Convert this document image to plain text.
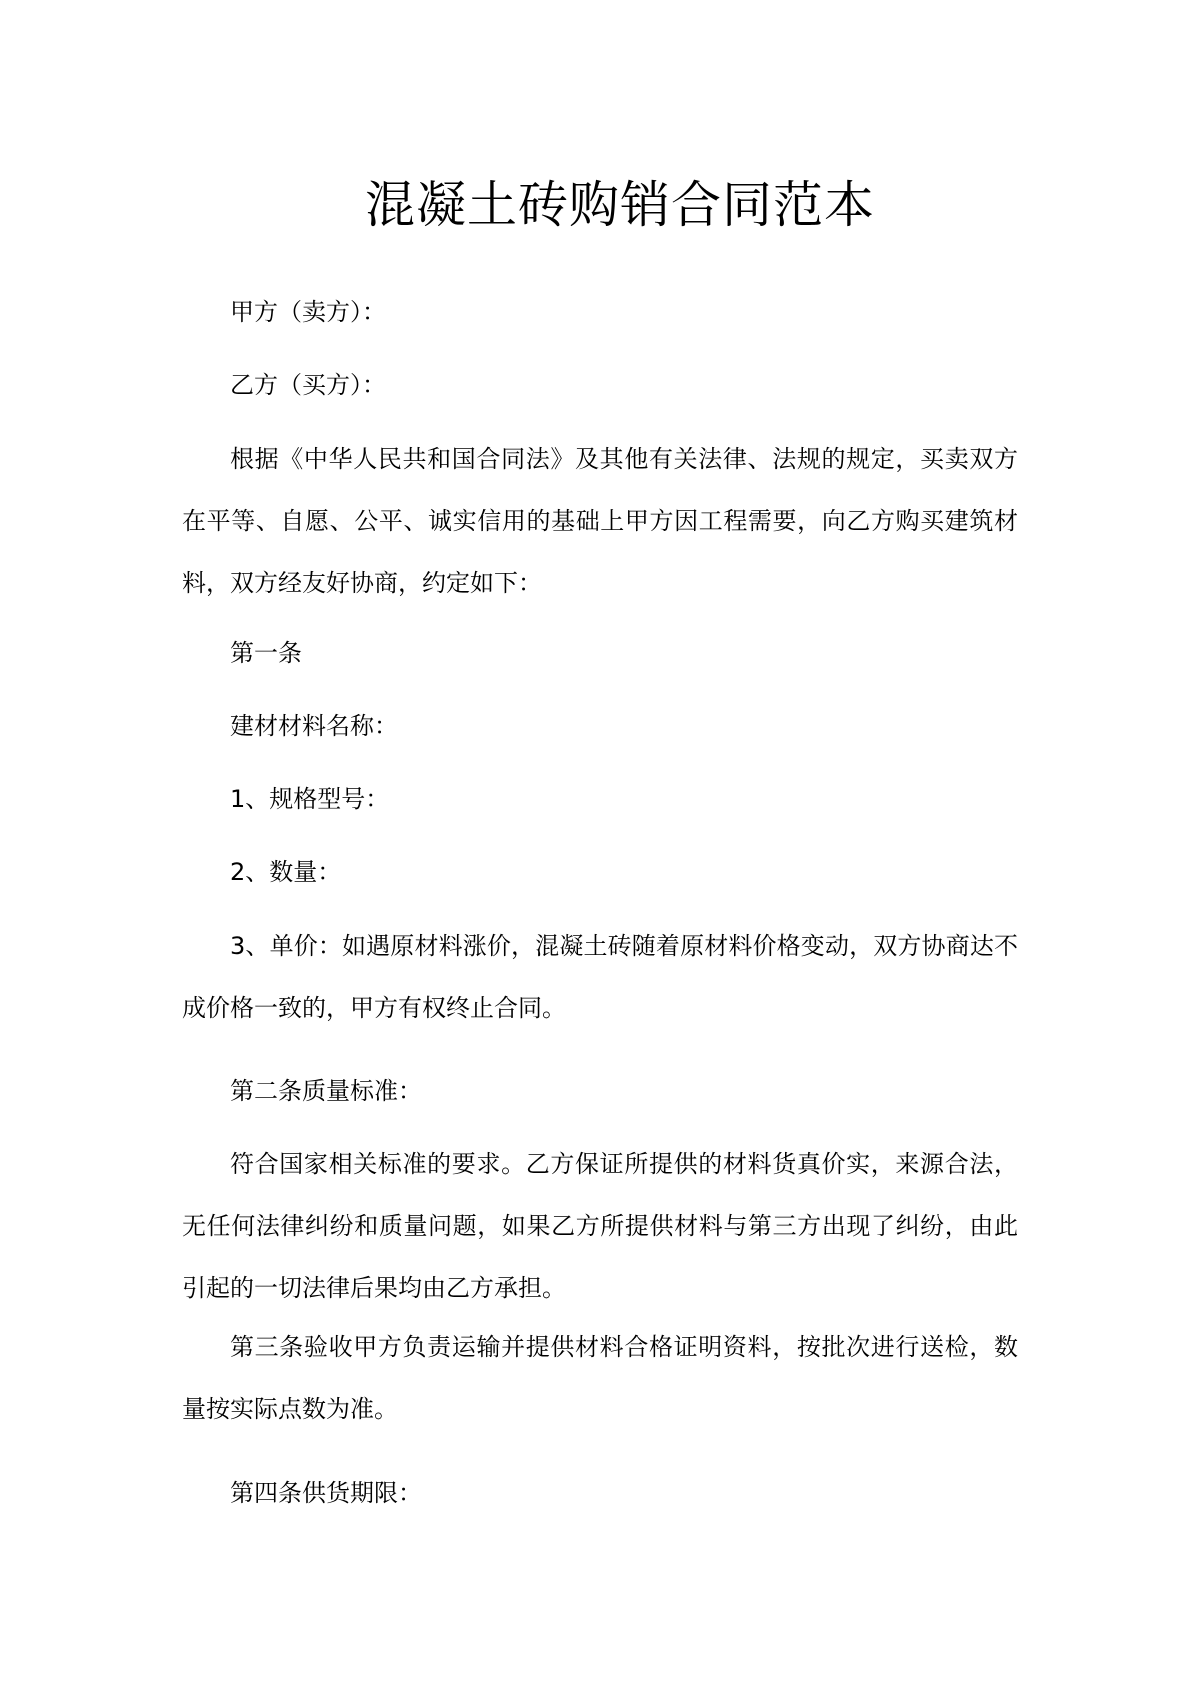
混凝土砖购销合同范本

甲方（卖方）：

乙方（买方）：

根据《中华人民共和国合同法》及其他有关法律、法规的规定，买卖双方在平等、自愿、公平、诚实信用的基础上甲方因工程需要，向乙方购买建筑材料，双方经友好协商，约定如下：

第一条

建材材料名称：

1、规格型号：

2、数量：

3、单价：如遇原材料涨价，混凝土砖随着原材料价格变动，双方协商达不成价格一致的，甲方有权终止合同。

第二条质量标准：

符合国家相关标准的要求。乙方保证所提供的材料货真价实，来源合法，无任何法律纠纷和质量问题，如果乙方所提供材料与第三方出现了纠纷，由此引起的一切法律后果均由乙方承担。

第三条验收甲方负责运输并提供材料合格证明资料，按批次进行送检，数量按实际点数为准。

第四条供货期限：
